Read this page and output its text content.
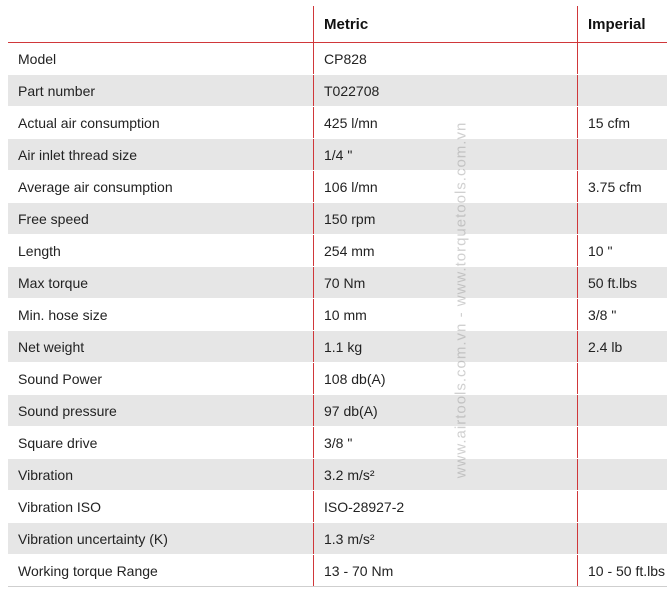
	Metric	Imperial
Model	CP828	
Part number	T022708	
Actual air consumption	425 l/mn	15 cfm
Air inlet thread size	1/4 "	
Average air consumption	106 l/mn	3.75 cfm
Free speed	150 rpm	
Length	254 mm	10 "
Max torque	70 Nm	50 ft.lbs
Min. hose size	10 mm	3/8 "
Net weight	1.1 kg	2.4 lb
Sound Power	108 db(A)	
Sound pressure	97 db(A)	
Square drive	3/8 "	
Vibration	3.2 m/s²	
Vibration ISO	ISO-28927-2	
Vibration uncertainty (K)	1.3 m/s²	
Working torque Range	13 - 70 Nm	10 - 50 ft.lbs
www.airtools.com.vn - www.torquetools.com.vn
